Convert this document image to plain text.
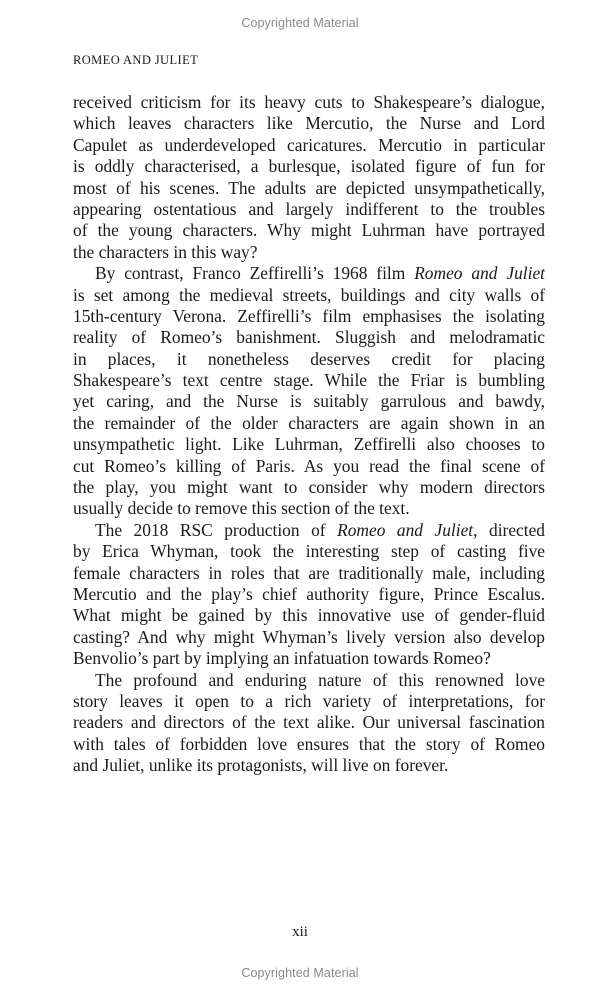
Copyrighted Material
ROMEO AND JULIET
received criticism for its heavy cuts to Shakespeare’s dialogue,
which leaves characters like Mercutio, the Nurse and Lord
Capulet as underdeveloped caricatures. Mercutio in particular
is oddly characterised, a burlesque, isolated figure of fun for
most of his scenes. The adults are depicted unsympathetically,
appearing ostentatious and largely indifferent to the troubles
of the young characters. Why might Luhrman have portrayed
the characters in this way?
By contrast, Franco Zeffirelli’s 1968 film Romeo and Juliet
is set among the medieval streets, buildings and city walls of
15th-century Verona. Zeffirelli’s film emphasises the isolating
reality of Romeo’s banishment. Sluggish and melodramatic
in places, it nonetheless deserves credit for placing
Shakespeare’s text centre stage. While the Friar is bumbling
yet caring, and the Nurse is suitably garrulous and bawdy,
the remainder of the older characters are again shown in an
unsympathetic light. Like Luhrman, Zeffirelli also chooses to
cut Romeo’s killing of Paris. As you read the final scene of
the play, you might want to consider why modern directors
usually decide to remove this section of the text.
The 2018 RSC production of Romeo and Juliet, directed
by Erica Whyman, took the interesting step of casting five
female characters in roles that are traditionally male, including
Mercutio and the play’s chief authority figure, Prince Escalus.
What might be gained by this innovative use of gender-fluid
casting? And why might Whyman’s lively version also develop
Benvolio’s part by implying an infatuation towards Romeo?
The profound and enduring nature of this renowned love
story leaves it open to a rich variety of interpretations, for
readers and directors of the text alike. Our universal fascination
with tales of forbidden love ensures that the story of Romeo
and Juliet, unlike its protagonists, will live on forever.
xii
Copyrighted Material
